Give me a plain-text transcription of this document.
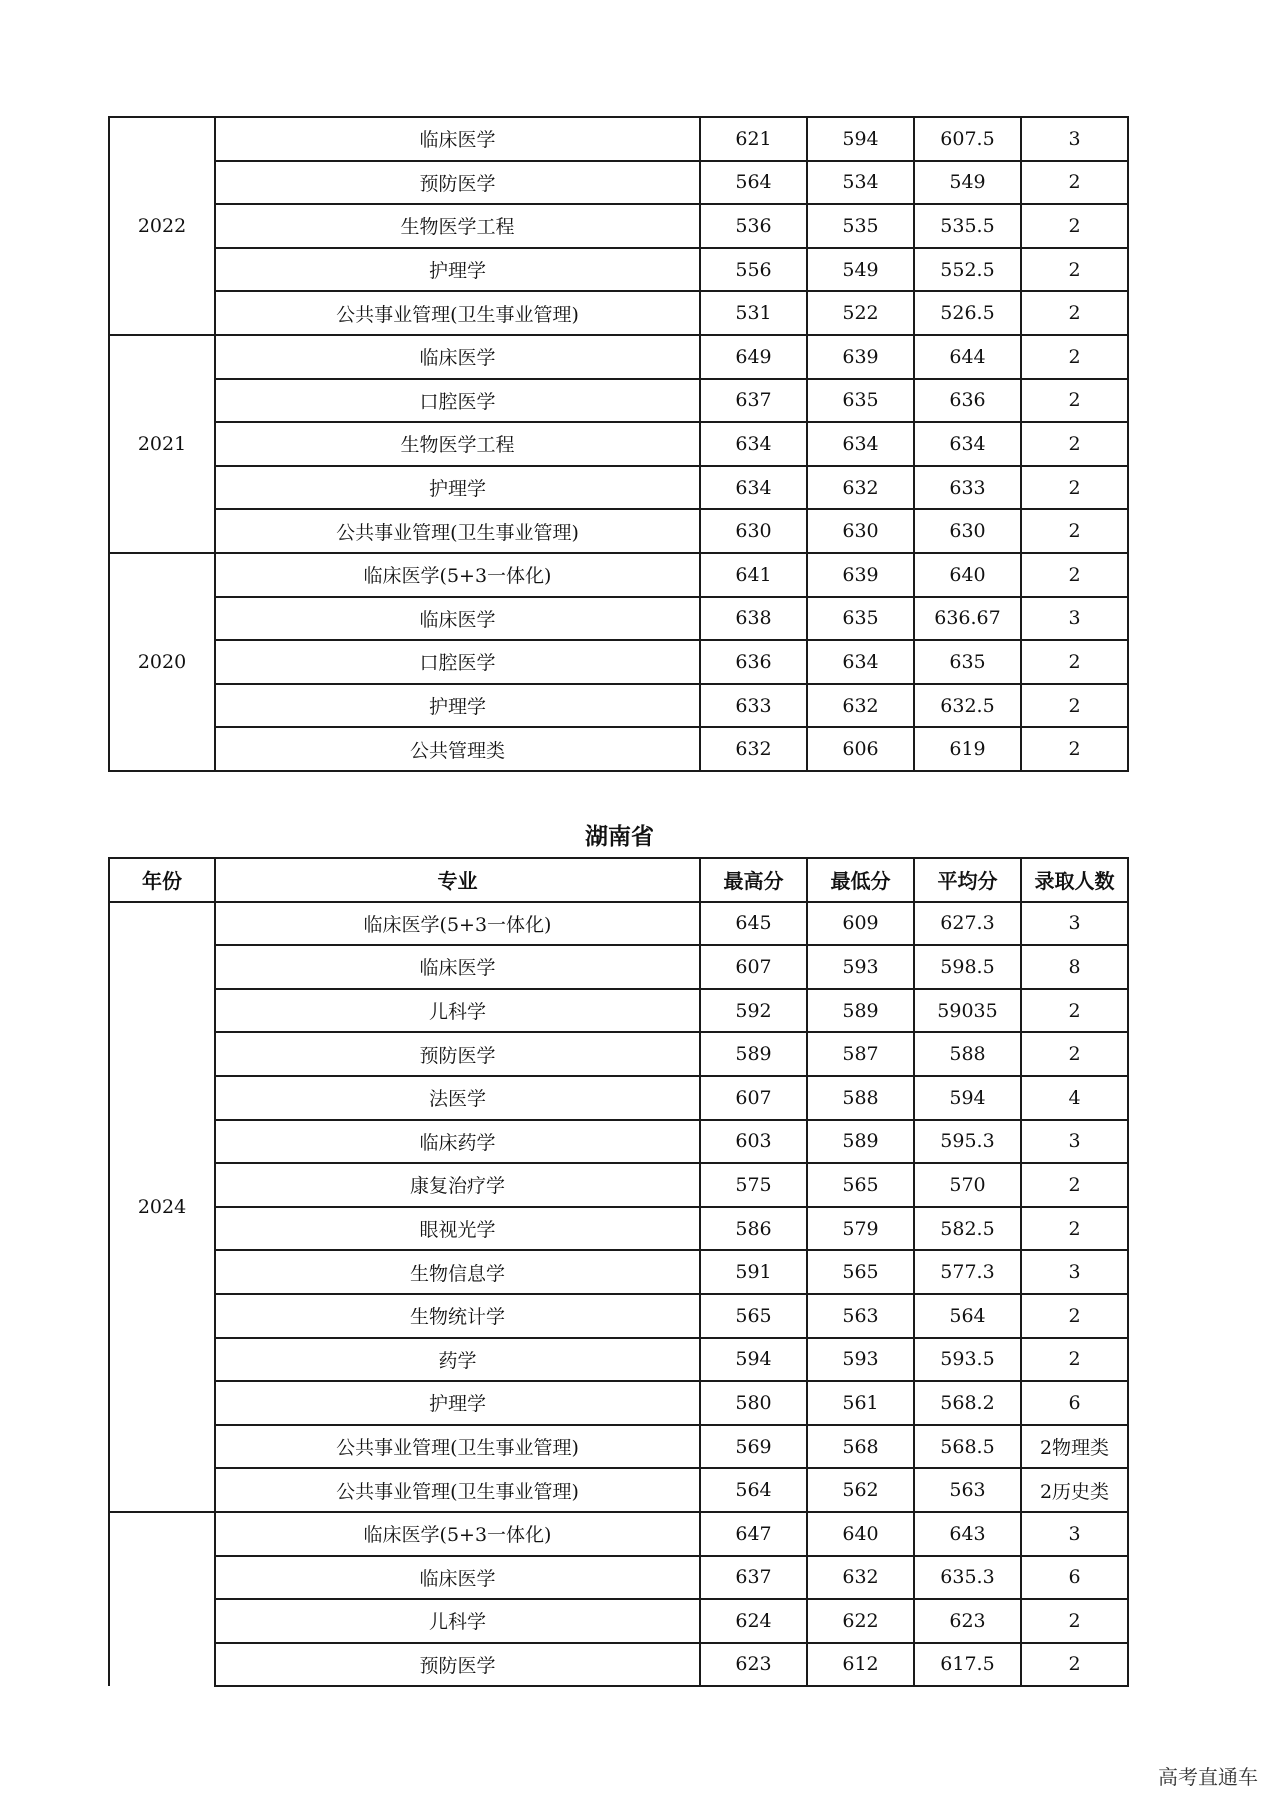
2022	临床医学	621	594	607.5	3
	预防医学	564	534	549	2
	生物医学工程	536	535	535.5	2
	护理学	556	549	552.5	2
	公共事业管理(卫生事业管理)	531	522	526.5	2
2021	临床医学	649	639	644	2
	口腔医学	637	635	636	2
	生物医学工程	634	634	634	2
	护理学	634	632	633	2
	公共事业管理(卫生事业管理)	630	630	630	2
2020	临床医学(5+3一体化)	641	639	640	2
	临床医学	638	635	636.67	3
	口腔医学	636	634	635	2
	护理学	633	632	632.5	2
	公共管理类	632	606	619	2
湖南省
年份	专业	最高分	最低分	平均分	录取人数
2024	临床医学(5+3一体化)	645	609	627.3	3
	临床医学	607	593	598.5	8
	儿科学	592	589	59035	2
	预防医学	589	587	588	2
	法医学	607	588	594	4
	临床药学	603	589	595.3	3
	康复治疗学	575	565	570	2
	眼视光学	586	579	582.5	2
	生物信息学	591	565	577.3	3
	生物统计学	565	563	564	2
	药学	594	593	593.5	2
	护理学	580	561	568.2	6
	公共事业管理(卫生事业管理)	569	568	568.5	2物理类
	公共事业管理(卫生事业管理)	564	562	563	2历史类
	临床医学(5+3一体化)	647	640	643	3
	临床医学	637	632	635.3	6
	儿科学	624	622	623	2
	预防医学	623	612	617.5	2
高考直通车
